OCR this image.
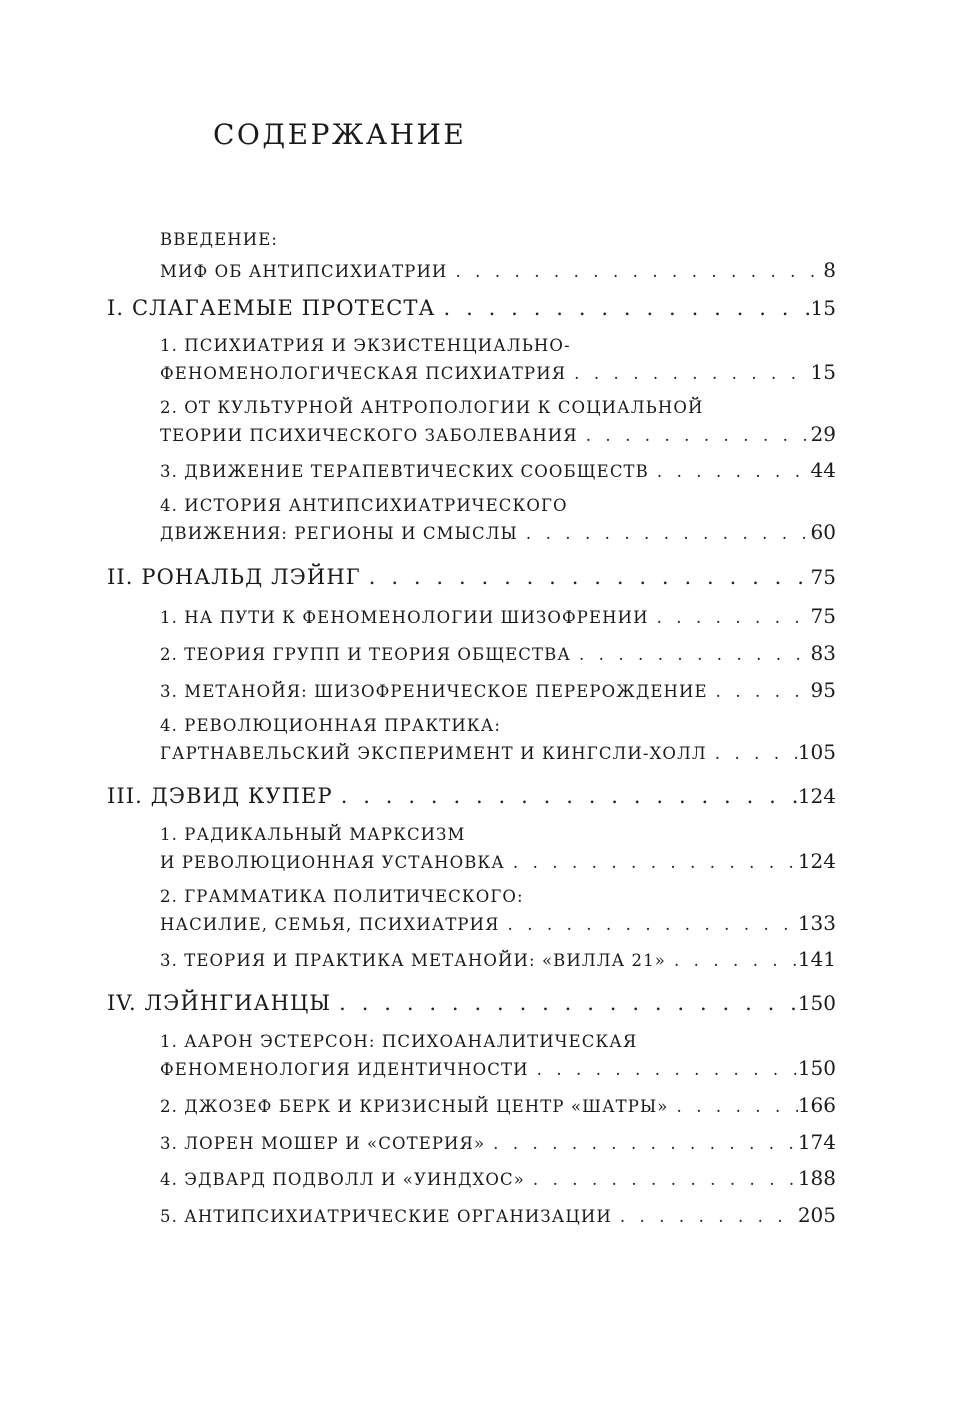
СОДЕРЖАНИЕ
ВВЕДЕНИЕ:
МИФ ОБ АНТИПСИХИАТРИИ . . .	8
I. СЛАГАЕМЫЕ ПРОТЕСТА . . .	15
1. ПСИХИАТРИЯ И ЭКЗИСТЕНЦИАЛЬНО-
ФЕНОМЕНОЛОГИЧЕСКАЯ ПСИХИАТРИЯ . . .	15
2. ОТ КУЛЬТУРНОЙ АНТРОПОЛОГИИ К СОЦИАЛЬНОЙ
ТЕОРИИ ПСИХИЧЕСКОГО ЗАБОЛЕВАНИЯ . . .	29
3. ДВИЖЕНИЕ ТЕРАПЕВТИЧЕСКИХ СООБЩЕСТВ . . .	44
4. ИСТОРИЯ АНТИПСИХИАТРИЧЕСКОГО
ДВИЖЕНИЯ: РЕГИОНЫ И СМЫСЛЫ . . .	60
II. РОНАЛЬД ЛЭЙНГ . . .	75
1. НА ПУТИ К ФЕНОМЕНОЛОГИИ ШИЗОФРЕНИИ . . .	75
2. ТЕОРИЯ ГРУПП И ТЕОРИЯ ОБЩЕСТВА . . .	83
3. МЕТАНОЙЯ: ШИЗОФРЕНИЧЕСКОЕ ПЕРЕРОЖДЕНИЕ . . .	95
4. РЕВОЛЮЦИОННАЯ ПРАКТИКА:
ГАРТНАВЕЛЬСКИЙ ЭКСПЕРИМЕНТ И КИНГСЛИ-ХОЛЛ . . .	105
III. ДЭВИД КУПЕР . . .	124
1. РАДИКАЛЬНЫЙ МАРКСИЗМ
И РЕВОЛЮЦИОННАЯ УСТАНОВКА . . .	124
2. ГРАММАТИКА ПОЛИТИЧЕСКОГО:
НАСИЛИЕ, СЕМЬЯ, ПСИХИАТРИЯ . . .	133
3. ТЕОРИЯ И ПРАКТИКА МЕТАНОЙИ: «ВИЛЛА 21» . . .	141
IV. ЛЭЙНГИАНЦЫ . . .	150
1. ААРОН ЭСТЕРСОН: ПСИХОАНАЛИТИЧЕСКАЯ
ФЕНОМЕНОЛОГИЯ ИДЕНТИЧНОСТИ . . .	150
2. ДЖОЗЕФ БЕРК И КРИЗИСНЫЙ ЦЕНТР «ШАТРЫ» . . .	166
3. ЛОРЕН МОШЕР И «СОТЕРИЯ» . . .	174
4. ЭДВАРД ПОДВОЛЛ И «УИНДХОС» . . .	188
5. АНТИПСИХИАТРИЧЕСКИЕ ОРГАНИЗАЦИИ . . .	205
